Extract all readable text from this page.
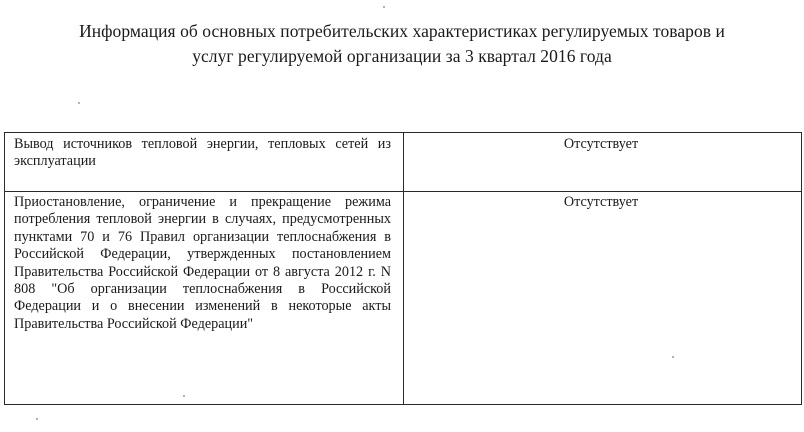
Информация об основных потребительских характеристиках регулируемых товаров и
услуг регулируемой организации за 3 квартал 2016 года
Вывод источников тепловой энергии, тепловых сетей из эксплуатации	Отсутствует
Приостановление, ограничение и прекращение режима потребления тепловой энергии в случаях, предусмотренных пунктами 70 и 76 Правил организации теплоснабжения в Российской Федерации, утвержденных постановлением Правительства Российской Федерации от 8 августа 2012 г. N 808 "Об организации теплоснабжения в Российской Федерации и о внесении изменений в некоторые акты Правительства Российской Федерации"	Отсутствует
